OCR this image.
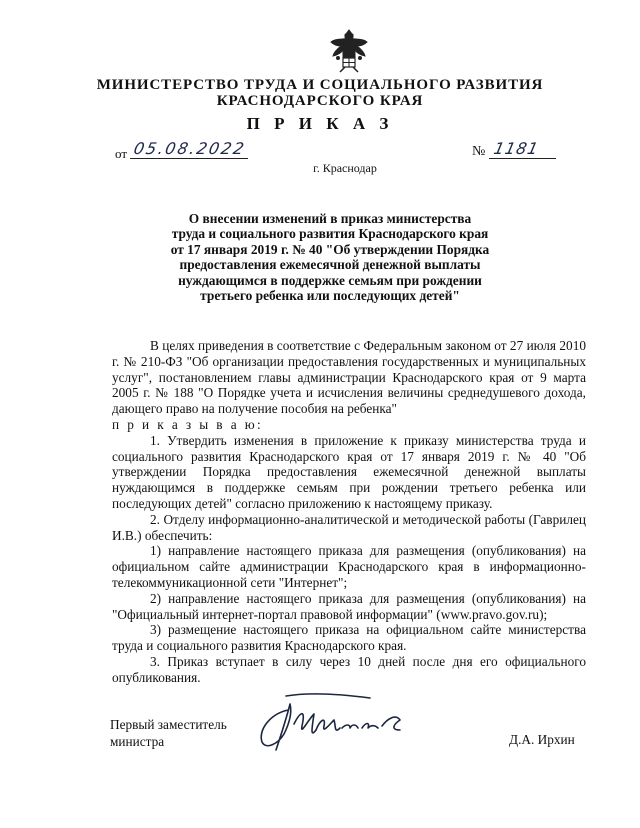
МИНИСТЕРСТВО ТРУДА И СОЦИАЛЬНОГО РАЗВИТИЯ
КРАСНОДАРСКОГО КРАЯ
П Р И К А З
от 05.08.2022	№ 1181
г. Краснодар
О внесении изменений в приказ министерства
труда и социального развития Краснодарского края
от 17 января 2019 г. № 40 "Об утверждении Порядка
предоставления ежемесячной денежной выплаты
нуждающимся в поддержке семьям при рождении
третьего ребенка или последующих детей"

В целях приведения в соответствие с Федеральным законом от 27 июля 2010 г. № 210-ФЗ "Об организации предоставления государственных и муниципальных услуг", постановлением главы администрации Краснодарского края от 9 марта 2005 г. № 188 "О Порядке учета и исчисления величины среднедушевого дохода, дающего право на получение пособия на ребенка"

п р и к а з ы в а ю:

1. Утвердить изменения в приложение к приказу министерства труда и социального развития Краснодарского края от 17 января 2019 г. № 40 "Об утверждении Порядка предоставления ежемесячной денежной выплаты нуждающимся в поддержке семьям при рождении третьего ребенка или последующих детей" согласно приложению к настоящему приказу.

2. Отделу информационно-аналитической и методической работы (Гаврилец И.В.) обеспечить:

1) направление настоящего приказа для размещения (опубликования) на официальном сайте администрации Краснодарского края в информационно-телекоммуникационной сети "Интернет";

2) направление настоящего приказа для размещения (опубликования) на "Официальный интернет-портал правовой информации" (www.pravo.gov.ru);

3) размещение настоящего приказа на официальном сайте министерства труда и социального развития Краснодарского края.

3. Приказ вступает в силу через 10 дней после дня его официального опубликования.

Первый заместитель
министра	Д.А. Ирхин
